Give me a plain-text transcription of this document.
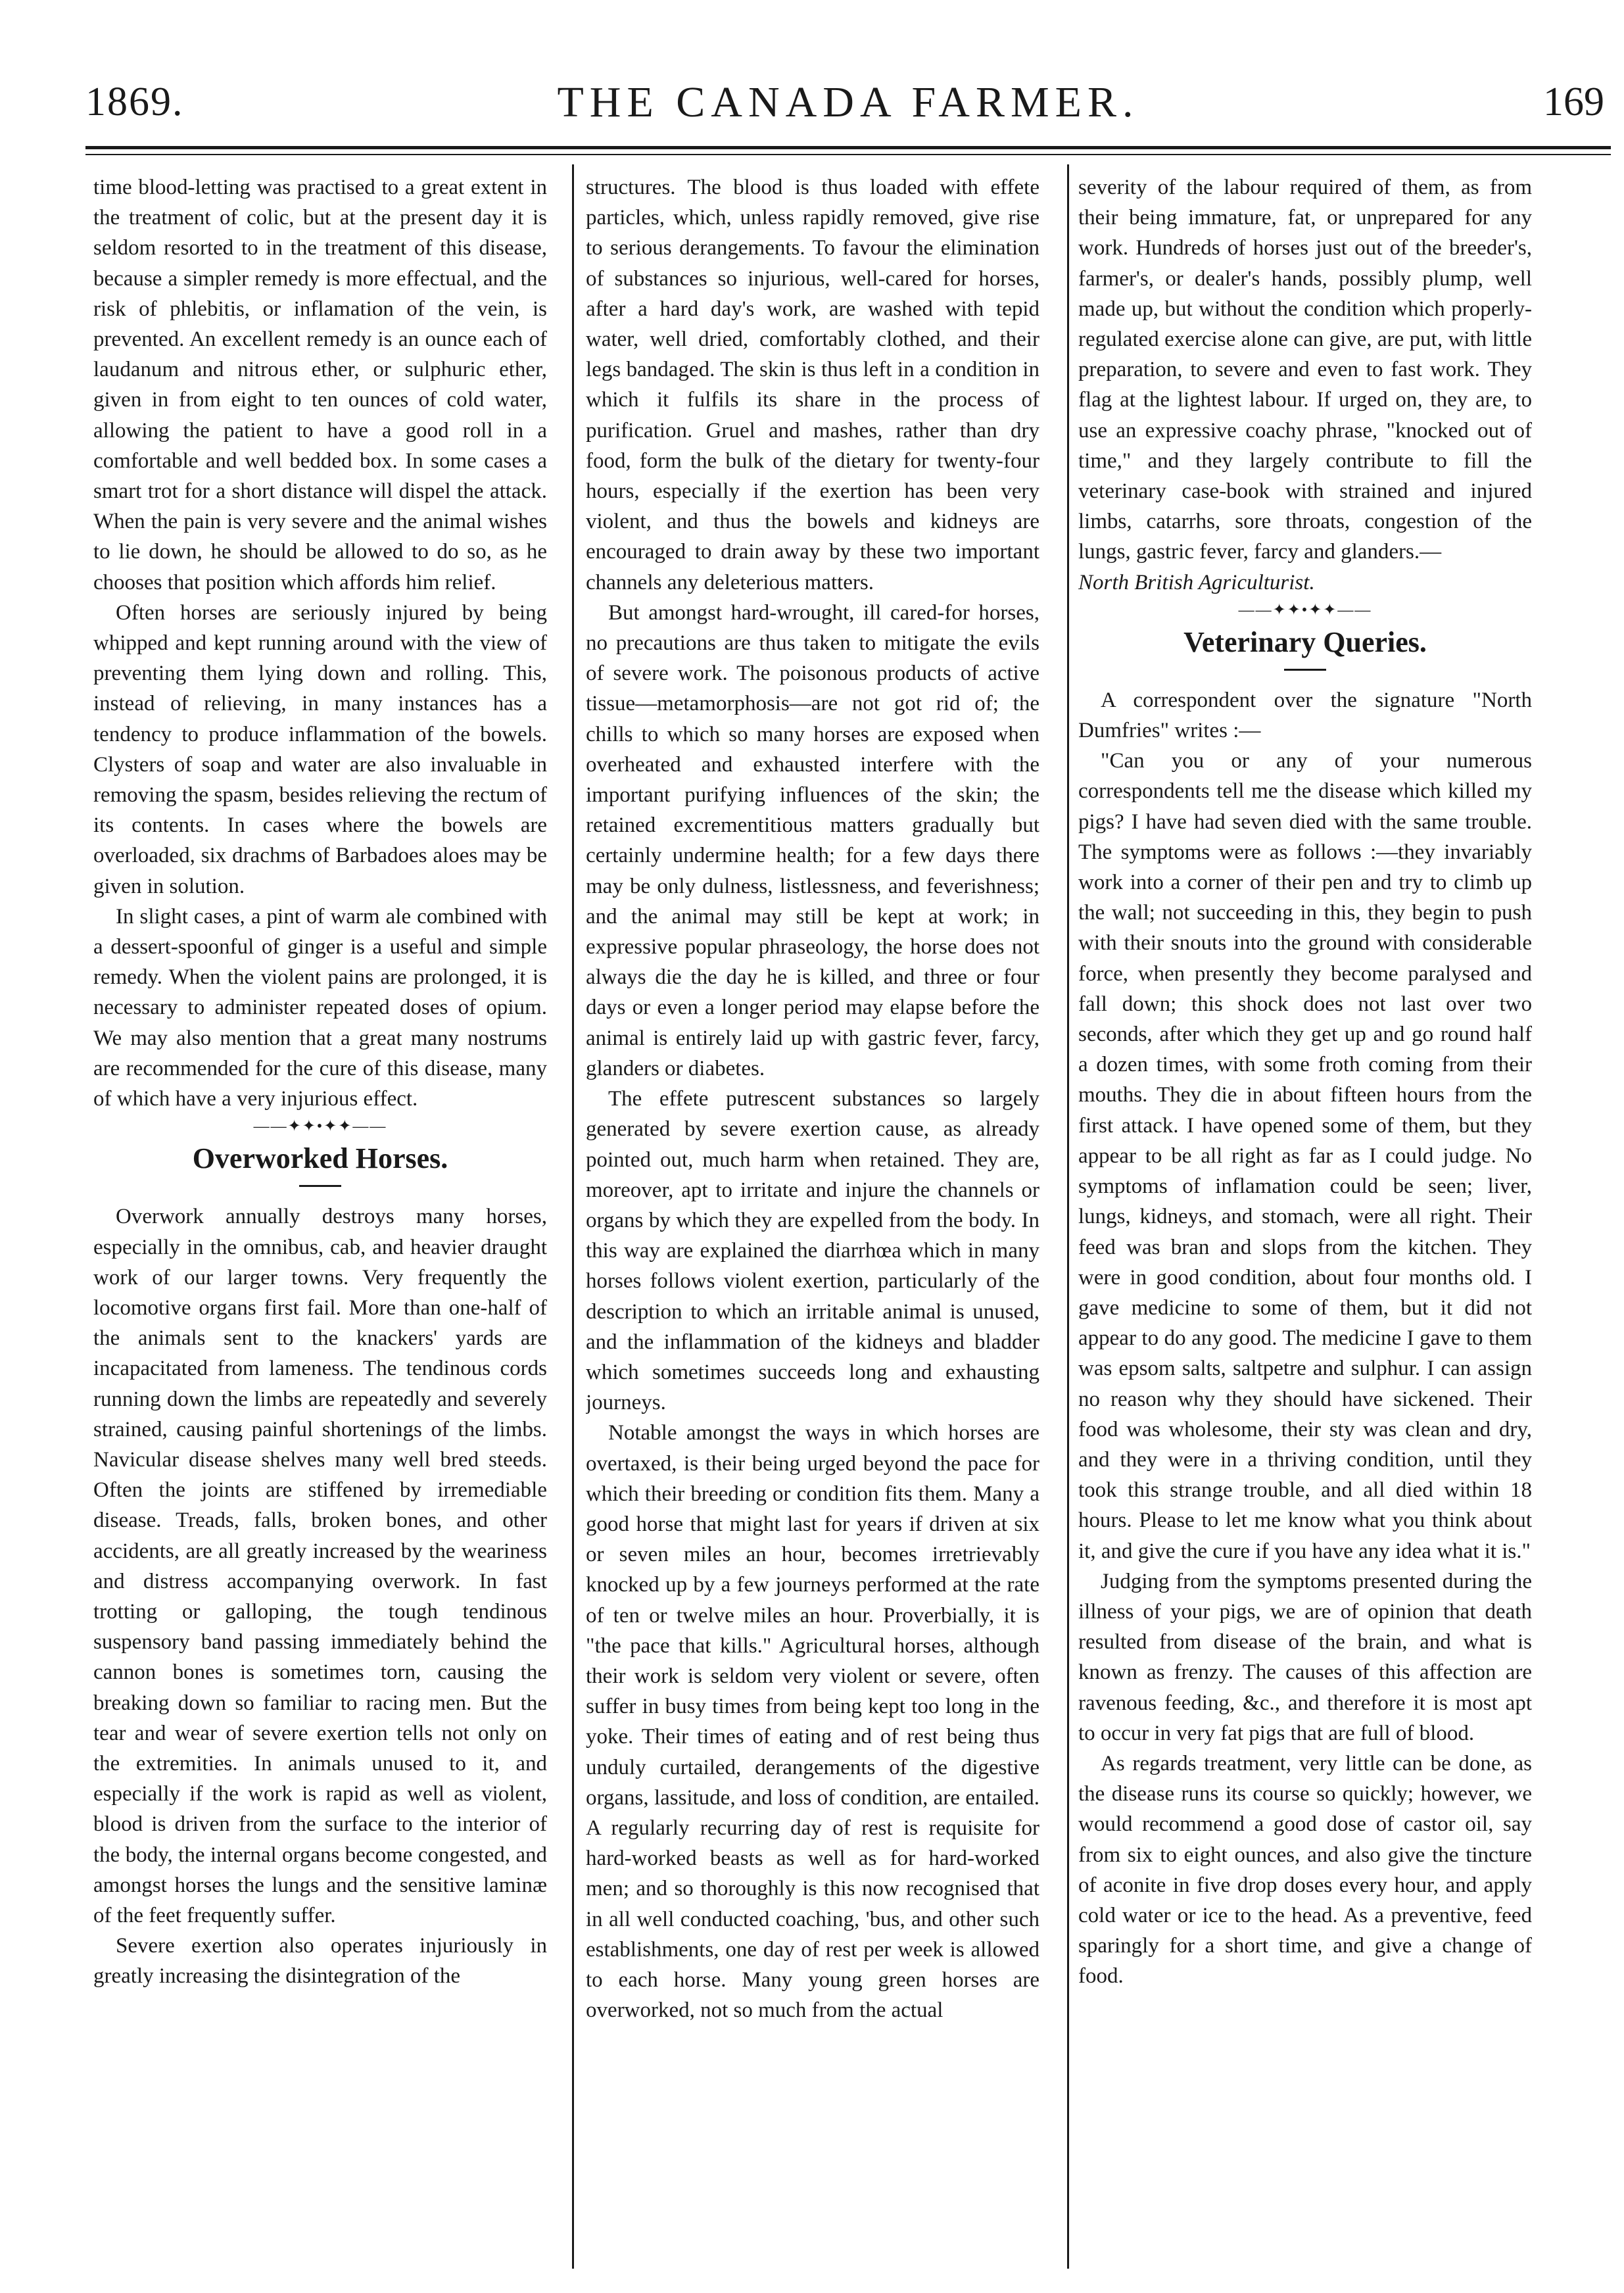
1869.	THE CANADA FARMER.	169

time blood-letting was practised to a great extent in the treatment of colic, but at the present day it is seldom resorted to in the treatment of this disease, because a simpler remedy is more effectual, and the risk of phlebitis, or inflamation of the vein, is prevented. An excellent remedy is an ounce each of laudanum and nitrous ether, or sulphuric ether, given in from eight to ten ounces of cold water, allowing the patient to have a good roll in a comfortable and well bedded box. In some cases a smart trot for a short distance will dispel the attack. When the pain is very severe and the animal wishes to lie down, he should be allowed to do so, as he chooses that position which affords him relief.

Often horses are seriously injured by being whipped and kept running around with the view of preventing them lying down and rolling. This, instead of relieving, in many instances has a tendency to produce inflammation of the bowels. Clysters of soap and water are also invaluable in removing the spasm, besides relieving the rectum of its contents. In cases where the bowels are overloaded, six drachms of Barbadoes aloes may be given in solution.

In slight cases, a pint of warm ale combined with a dessert-spoonful of ginger is a useful and simple remedy. When the violent pains are prolonged, it is necessary to administer repeated doses of opium. We may also mention that a great many nostrums are recommended for the cure of this disease, many of which have a very injurious effect.

——✦✦•✦✦——
Overworked Horses.

Overwork annually destroys many horses, especially in the omnibus, cab, and heavier draught work of our larger towns. Very frequently the locomotive organs first fail. More than one-half of the animals sent to the knackers' yards are incapacitated from lameness. The tendinous cords running down the limbs are repeatedly and severely strained, causing painful shortenings of the limbs. Navicular disease shelves many well bred steeds. Often the joints are stiffened by irremediable disease. Treads, falls, broken bones, and other accidents, are all greatly increased by the weariness and distress accompanying overwork. In fast trotting or galloping, the tough tendinous suspensory band passing immediately behind the cannon bones is sometimes torn, causing the breaking down so familiar to racing men. But the tear and wear of severe exertion tells not only on the extremities. In animals unused to it, and especially if the work is rapid as well as violent, blood is driven from the surface to the interior of the body, the internal organs become congested, and amongst horses the lungs and the sensitive laminæ of the feet frequently suffer.

Severe exertion also operates injuriously in greatly increasing the disintegration of the

structures. The blood is thus loaded with effete particles, which, unless rapidly removed, give rise to serious derangements. To favour the elimination of substances so injurious, well-cared for horses, after a hard day's work, are washed with tepid water, well dried, comfortably clothed, and their legs bandaged. The skin is thus left in a condition in which it fulfils its share in the process of purification. Gruel and mashes, rather than dry food, form the bulk of the dietary for twenty-four hours, especially if the exertion has been very violent, and thus the bowels and kidneys are encouraged to drain away by these two important channels any deleterious matters.

But amongst hard-wrought, ill cared-for horses, no precautions are thus taken to mitigate the evils of severe work. The poisonous products of active tissue—metamorphosis—are not got rid of; the chills to which so many horses are exposed when overheated and exhausted interfere with the important purifying influences of the skin; the retained excrementitious matters gradually but certainly undermine health; for a few days there may be only dulness, listlessness, and feverishness; and the animal may still be kept at work; in expressive popular phraseology, the horse does not always die the day he is killed, and three or four days or even a longer period may elapse before the animal is entirely laid up with gastric fever, farcy, glanders or diabetes.

The effete putrescent substances so largely generated by severe exertion cause, as already pointed out, much harm when retained. They are, moreover, apt to irritate and injure the channels or organs by which they are expelled from the body. In this way are explained the diarrhœa which in many horses follows violent exertion, particularly of the description to which an irritable animal is unused, and the inflammation of the kidneys and bladder which sometimes succeeds long and exhausting journeys.

Notable amongst the ways in which horses are overtaxed, is their being urged beyond the pace for which their breeding or condition fits them. Many a good horse that might last for years if driven at six or seven miles an hour, becomes irretrievably knocked up by a few journeys performed at the rate of ten or twelve miles an hour. Proverbially, it is "the pace that kills." Agricultural horses, although their work is seldom very violent or severe, often suffer in busy times from being kept too long in the yoke. Their times of eating and of rest being thus unduly curtailed, derangements of the digestive organs, lassitude, and loss of condition, are entailed. A regularly recurring day of rest is requisite for hard-worked beasts as well as for hard-worked men; and so thoroughly is this now recognised that in all well conducted coaching, 'bus, and other such establishments, one day of rest per week is allowed to each horse. Many young green horses are overworked, not so much from the actual

severity of the labour required of them, as from their being immature, fat, or unprepared for any work. Hundreds of horses just out of the breeder's, farmer's, or dealer's hands, possibly plump, well made up, but without the condition which properly-regulated exercise alone can give, are put, with little preparation, to severe and even to fast work. They flag at the lightest labour. If urged on, they are, to use an expressive coachy phrase, "knocked out of time," and they largely contribute to fill the veterinary case-book with strained and injured limbs, catarrhs, sore throats, congestion of the lungs, gastric fever, farcy and glanders.—

North British Agriculturist.

——✦✦•✦✦——
Veterinary Queries.

A correspondent over the signature "North Dumfries" writes :—

"Can you or any of your numerous correspondents tell me the disease which killed my pigs? I have had seven died with the same trouble. The symptoms were as follows :—they invariably work into a corner of their pen and try to climb up the wall; not succeeding in this, they begin to push with their snouts into the ground with considerable force, when presently they become paralysed and fall down; this shock does not last over two seconds, after which they get up and go round half a dozen times, with some froth coming from their mouths. They die in about fifteen hours from the first attack. I have opened some of them, but they appear to be all right as far as I could judge. No symptoms of inflamation could be seen; liver, lungs, kidneys, and stomach, were all right. Their feed was bran and slops from the kitchen. They were in good condition, about four months old. I gave medicine to some of them, but it did not appear to do any good. The medicine I gave to them was epsom salts, saltpetre and sulphur. I can assign no reason why they should have sickened. Their food was wholesome, their sty was clean and dry, and they were in a thriving condition, until they took this strange trouble, and all died within 18 hours. Please to let me know what you think about it, and give the cure if you have any idea what it is."

Judging from the symptoms presented during the illness of your pigs, we are of opinion that death resulted from disease of the brain, and what is known as frenzy. The causes of this affection are ravenous feeding, &c., and therefore it is most apt to occur in very fat pigs that are full of blood.

As regards treatment, very little can be done, as the disease runs its course so quickly; however, we would recommend a good dose of castor oil, say from six to eight ounces, and also give the tincture of aconite in five drop doses every hour, and apply cold water or ice to the head. As a preventive, feed sparingly for a short time, and give a change of food.
